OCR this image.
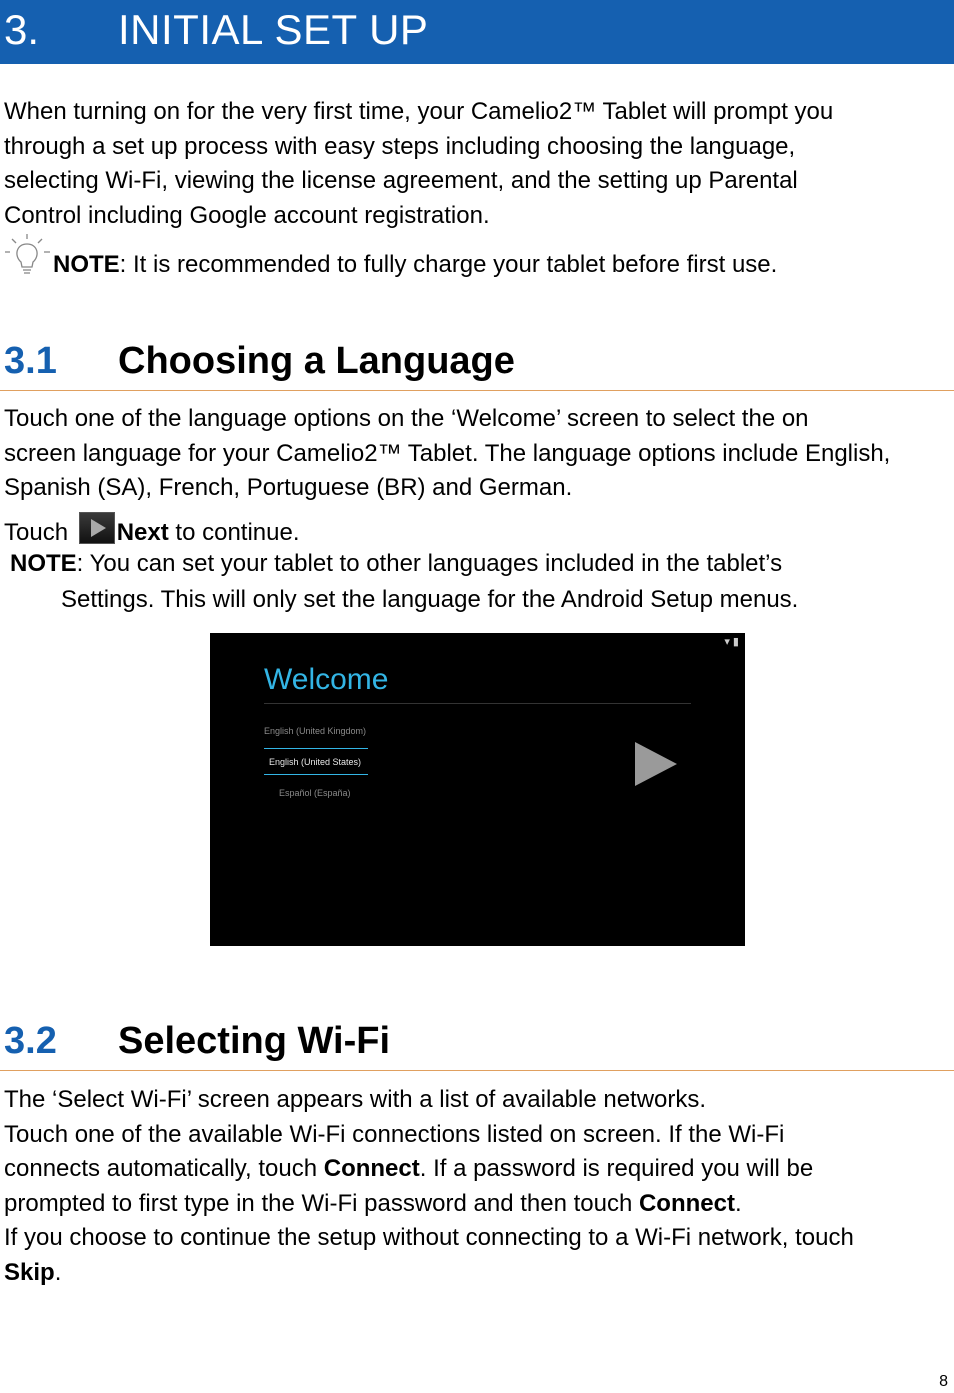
3. INITIAL SET UP
When turning on for the very first time, your Camelio2™ Tablet will prompt you
through a set up process with easy steps including choosing the language,
selecting Wi-Fi, viewing the license agreement, and the setting up Parental
Control including Google account registration.
NOTE: It is recommended to fully charge your tablet before first use.
3.1 Choosing a Language
Touch one of the language options on the ‘Welcome’ screen to select the on
screen language for your Camelio2™ Tablet. The language options include English,
Spanish (SA), French, Portuguese (BR) and German.
Touch Next to continue.
NOTE: You can set your tablet to other languages included in the tablet’s
Settings. This will only set the language for the Android Setup menus.
▾ ▮
Welcome
English (United Kingdom)
English (United States)
Español (España)
3.2 Selecting Wi-Fi
The ‘Select Wi-Fi’ screen appears with a list of available networks.
Touch one of the available Wi-Fi connections listed on screen. If the Wi-Fi
connects automatically, touch Connect. If a password is required you will be
prompted to first type in the Wi-Fi password and then touch Connect.
If you choose to continue the setup without connecting to a Wi-Fi network, touch
Skip.
8
